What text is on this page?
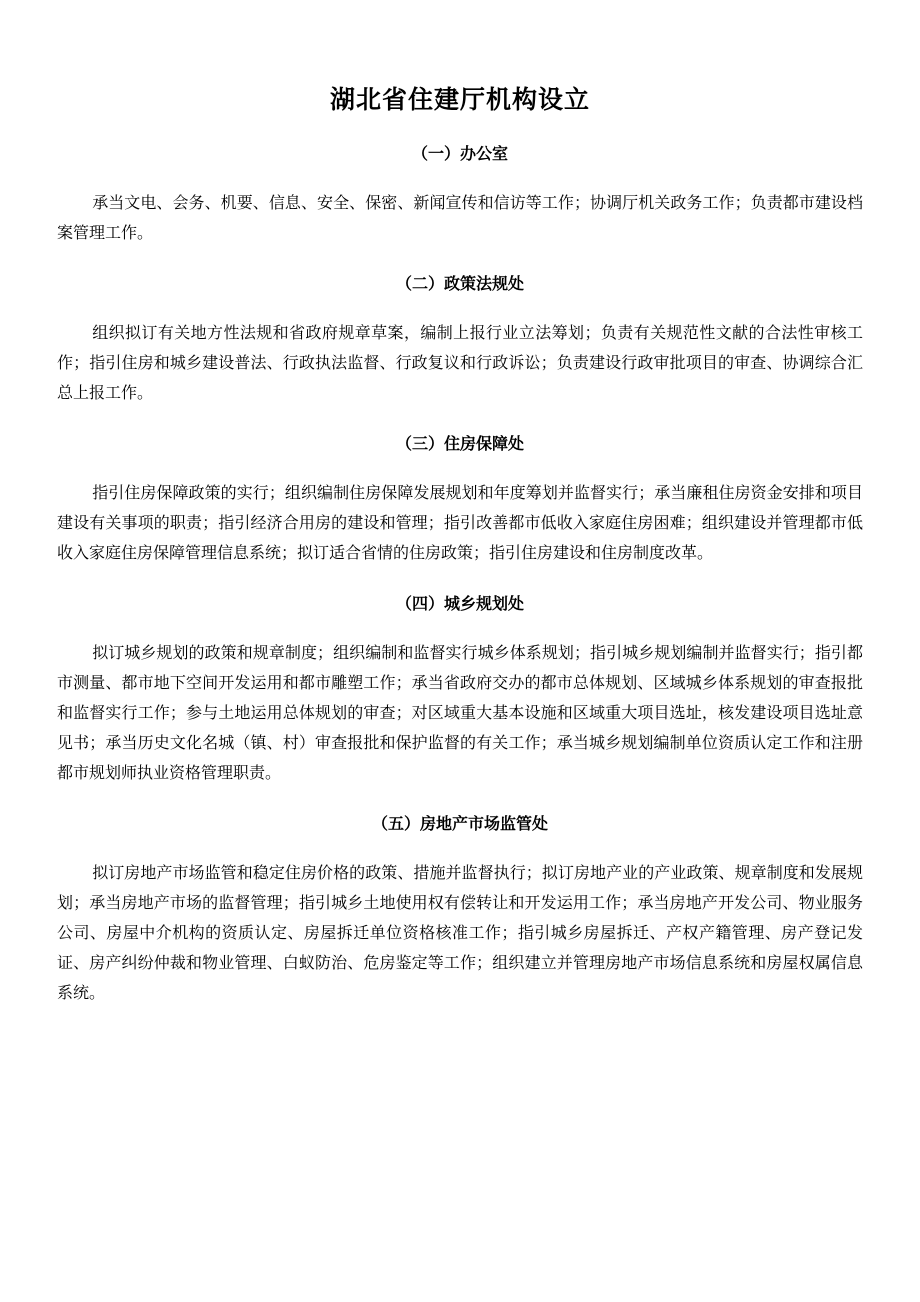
湖北省住建厅机构设立
（一）办公室

承当文电、会务、机要、信息、安全、保密、新闻宣传和信访等工作；协调厅机关政务工作；负责都市建设档案管理工作。

（二）政策法规处

组织拟订有关地方性法规和省政府规章草案，编制上报行业立法筹划；负责有关规范性文献的合法性审核工作；指引住房和城乡建设普法、行政执法监督、行政复议和行政诉讼；负责建设行政审批项目的审查、协调综合汇总上报工作。

（三）住房保障处

指引住房保障政策的实行；组织编制住房保障发展规划和年度筹划并监督实行；承当廉租住房资金安排和项目建设有关事项的职责；指引经济合用房的建设和管理；指引改善都市低收入家庭住房困难；组织建设并管理都市低收入家庭住房保障管理信息系统；拟订适合省情的住房政策；指引住房建设和住房制度改革。

（四）城乡规划处

拟订城乡规划的政策和规章制度；组织编制和监督实行城乡体系规划；指引城乡规划编制并监督实行；指引都市测量、都市地下空间开发运用和都市雕塑工作；承当省政府交办的都市总体规划、区域城乡体系规划的审查报批和监督实行工作；参与土地运用总体规划的审查；对区域重大基本设施和区域重大项目选址，核发建设项目选址意见书；承当历史文化名城（镇、村）审查报批和保护监督的有关工作；承当城乡规划编制单位资质认定工作和注册都市规划师执业资格管理职责。

（五）房地产市场监管处

拟订房地产市场监管和稳定住房价格的政策、措施并监督执行；拟订房地产业的产业政策、规章制度和发展规划；承当房地产市场的监督管理；指引城乡土地使用权有偿转让和开发运用工作；承当房地产开发公司、物业服务公司、房屋中介机构的资质认定、房屋拆迁单位资格核准工作；指引城乡房屋拆迁、产权产籍管理、房产登记发证、房产纠纷仲裁和物业管理、白蚁防治、危房鉴定等工作；组织建立并管理房地产市场信息系统和房屋权属信息系统。
